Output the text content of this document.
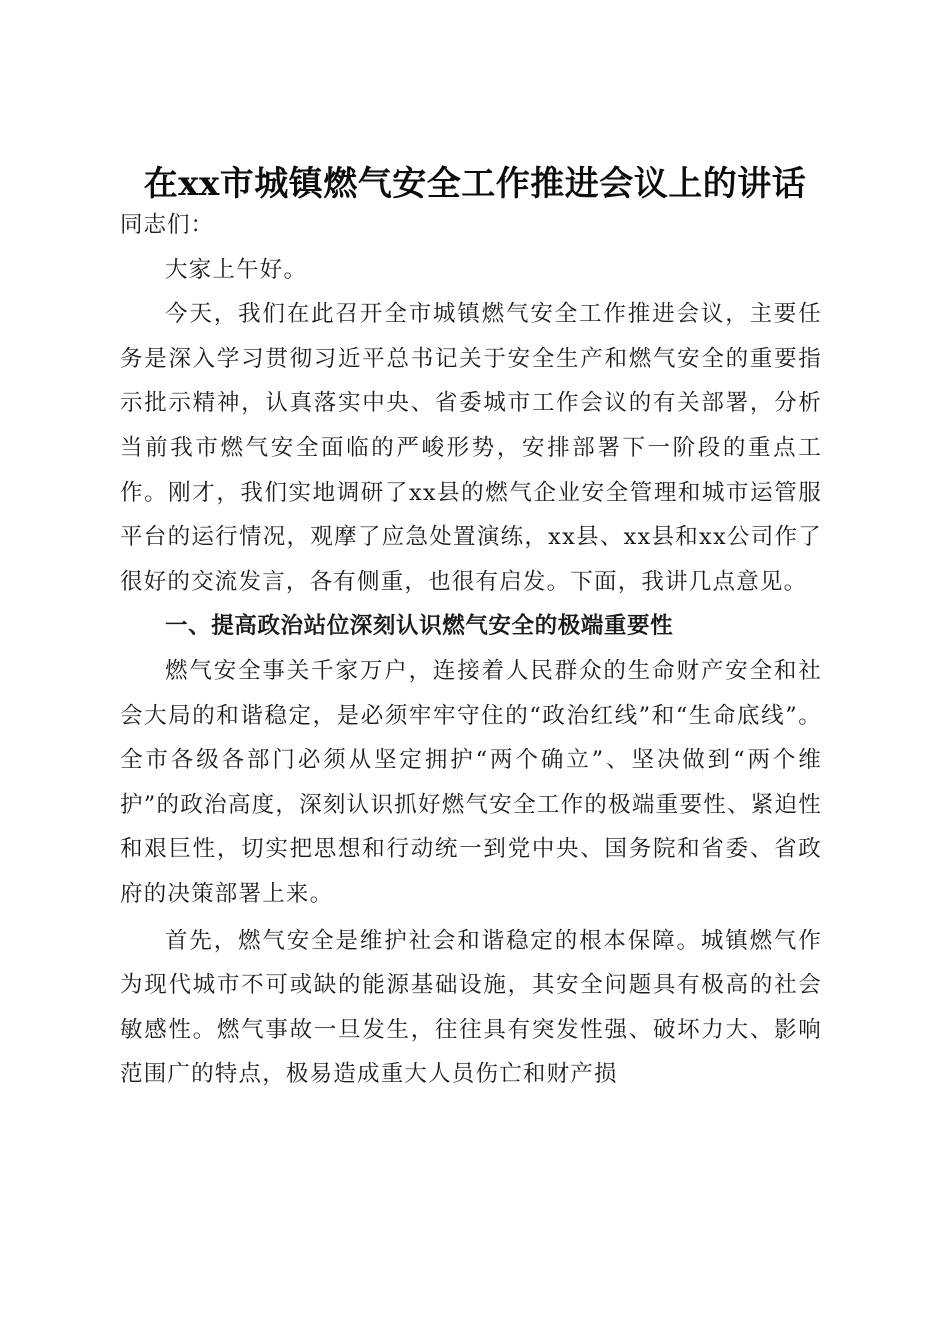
在xx市城镇燃气安全工作推进会议上的讲话

同志们：

大家上午好。

今天，我们在此召开全市城镇燃气安全工作推进会议，主要任务是深入学习贯彻习近平总书记关于安全生产和燃气安全的重要指示批示精神，认真落实中央、省委城市工作会议的有关部署，分析当前我市燃气安全面临的严峻形势，安排部署下一阶段的重点工作。刚才，我们实地调研了xx县的燃气企业安全管理和城市运管服平台的运行情况，观摩了应急处置演练，xx县、xx县和xx公司作了很好的交流发言，各有侧重，也很有启发。下面，我讲几点意见。

一、提高政治站位深刻认识燃气安全的极端重要性

燃气安全事关千家万户，连接着人民群众的生命财产安全和社会大局的和谐稳定，是必须牢牢守住的“政治红线”和“生命底线”。全市各级各部门必须从坚定拥护“两个确立”、坚决做到“两个维护”的政治高度，深刻认识抓好燃气安全工作的极端重要性、紧迫性和艰巨性，切实把思想和行动统一到党中央、国务院和省委、省政府的决策部署上来。

首先，燃气安全是维护社会和谐稳定的根本保障。城镇燃气作为现代城市不可或缺的能源基础设施，其安全问题具有极高的社会敏感性。燃气事故一旦发生，往往具有突发性强、破坏力大、影响范围广的特点，极易造成重大人员伤亡和财产损
